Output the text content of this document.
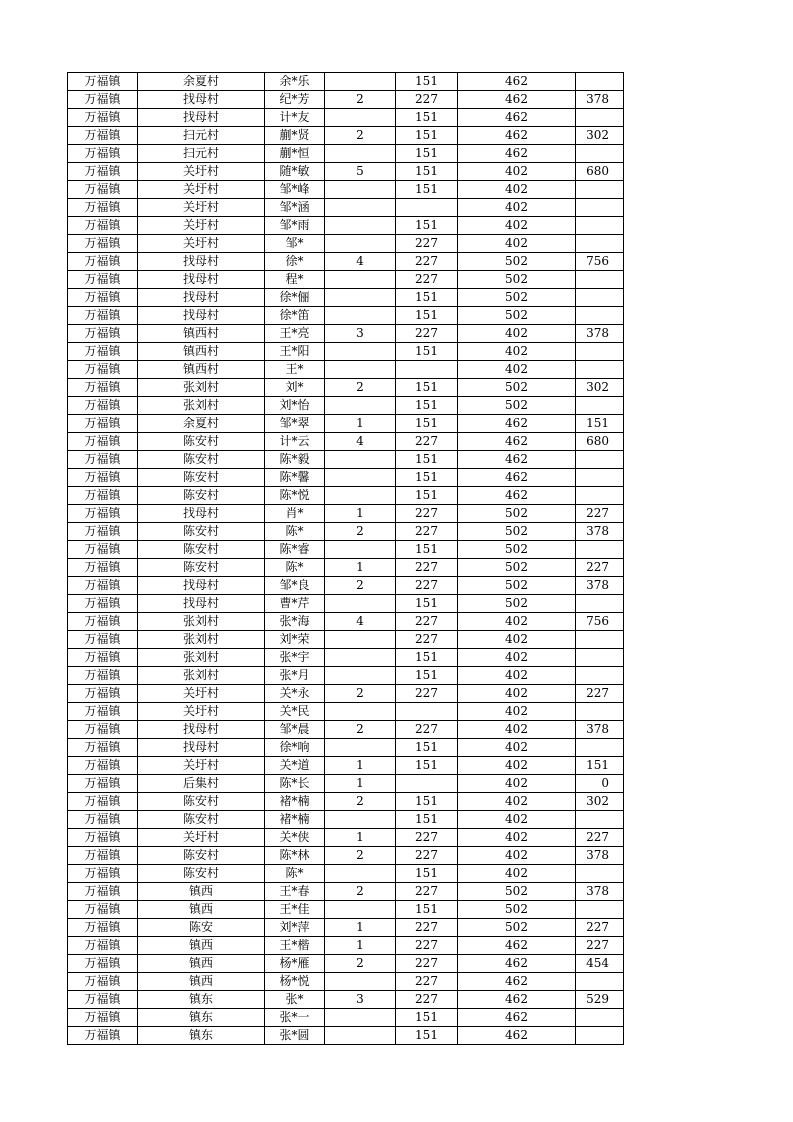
万福镇	余夏村	余*乐		151	462	
万福镇	找母村	纪*芳	2	227	462	378
万福镇	找母村	计*友		151	462	
万福镇	扫元村	蒯*贤	2	151	462	302
万福镇	扫元村	蒯*恒		151	462	
万福镇	关圩村	随*敏	5	151	402	680
万福镇	关圩村	邹*峰		151	402	
万福镇	关圩村	邹*涵			402	
万福镇	关圩村	邹*雨		151	402	
万福镇	关圩村	邹*		227	402	
万福镇	找母村	徐*	4	227	502	756
万福镇	找母村	程*		227	502	
万福镇	找母村	徐*俪		151	502	
万福镇	找母村	徐*笛		151	502	
万福镇	镇西村	王*亮	3	227	402	378
万福镇	镇西村	王*阳		151	402	
万福镇	镇西村	王*			402	
万福镇	张刘村	刘*	2	151	502	302
万福镇	张刘村	刘*怡		151	502	
万福镇	余夏村	邹*翠	1	151	462	151
万福镇	陈安村	计*云	4	227	462	680
万福镇	陈安村	陈*毅		151	462	
万福镇	陈安村	陈*馨		151	462	
万福镇	陈安村	陈*悦		151	462	
万福镇	找母村	肖*	1	227	502	227
万福镇	陈安村	陈*	2	227	502	378
万福镇	陈安村	陈*睿		151	502	
万福镇	陈安村	陈*	1	227	502	227
万福镇	找母村	邹*良	2	227	502	378
万福镇	找母村	曹*芹		151	502	
万福镇	张刘村	张*海	4	227	402	756
万福镇	张刘村	刘*荣		227	402	
万福镇	张刘村	张*宇		151	402	
万福镇	张刘村	张*月		151	402	
万福镇	关圩村	关*永	2	227	402	227
万福镇	关圩村	关*民			402	
万福镇	找母村	邹*晨	2	227	402	378
万福镇	找母村	徐*响		151	402	
万福镇	关圩村	关*道	1	151	402	151
万福镇	后集村	陈*长	1		402	0
万福镇	陈安村	褚*楠	2	151	402	302
万福镇	陈安村	褚*楠		151	402	
万福镇	关圩村	关*侠	1	227	402	227
万福镇	陈安村	陈*林	2	227	402	378
万福镇	陈安村	陈*		151	402	
万福镇	镇西	王*春	2	227	502	378
万福镇	镇西	王*佳		151	502	
万福镇	陈安	刘*萍	1	227	502	227
万福镇	镇西	王*楷	1	227	462	227
万福镇	镇西	杨*雁	2	227	462	454
万福镇	镇西	杨*悦		227	462	
万福镇	镇东	张*	3	227	462	529
万福镇	镇东	张*一		151	462	
万福镇	镇东	张*圆		151	462	
